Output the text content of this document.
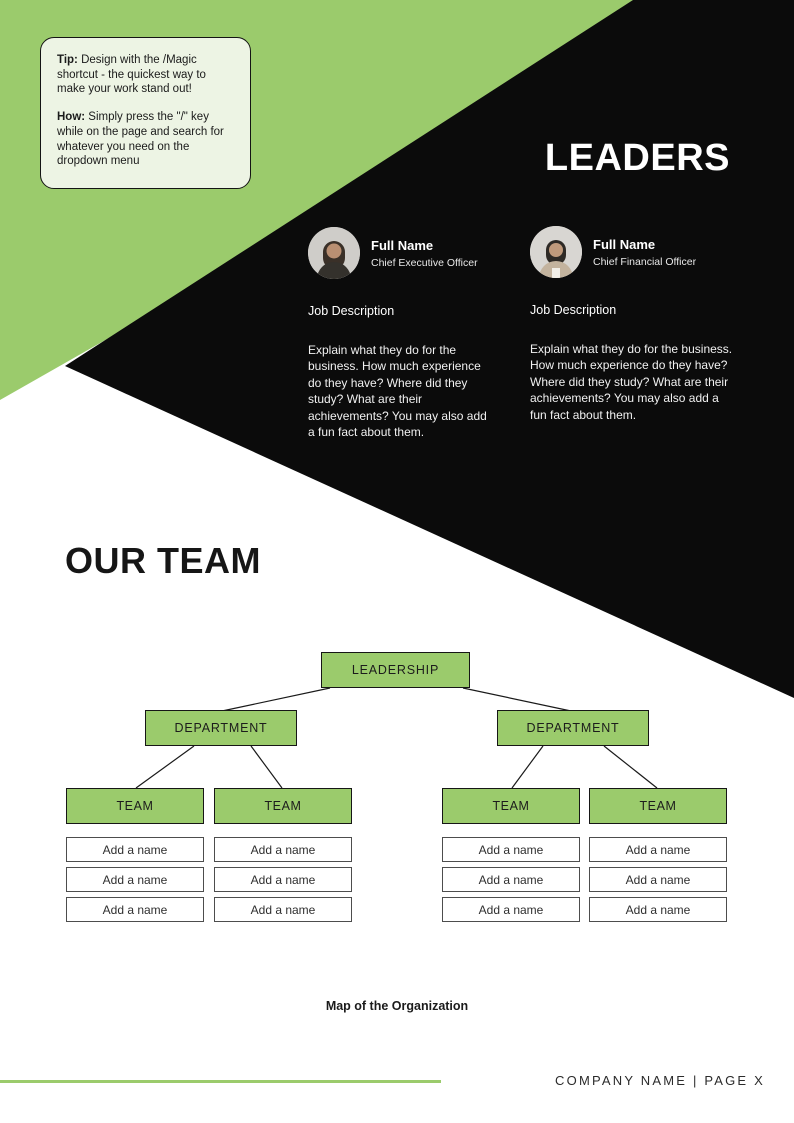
Tip: Design with the /Magic shortcut - the quickest way to make your work stand out!

How: Simply press the "/" key while on the page and search for whatever you need on the dropdown menu	LEADERS
Full Name
Chief Executive Officer
Job Description
Explain what they do for the business. How much experience do they have? Where did they study? What are their achievements? You may also add a fun fact about them.
Full Name
Chief Financial Officer
Job Description
Explain what they do for the business. How much experience do they have? Where did they study? What are their achievements? You may also add a fun fact about them.
OUR TEAM
LEADERSHIP
DEPARTMENT	DEPARTMENT
TEAM	TEAM	TEAM	TEAM
Add a name
Add a name
Add a name
Add a name
Add a name
Add a name
Add a name
Add a name
Add a name
Add a name
Add a name
Add a name
Map of the Organization
COMPANY NAME | PAGE X
